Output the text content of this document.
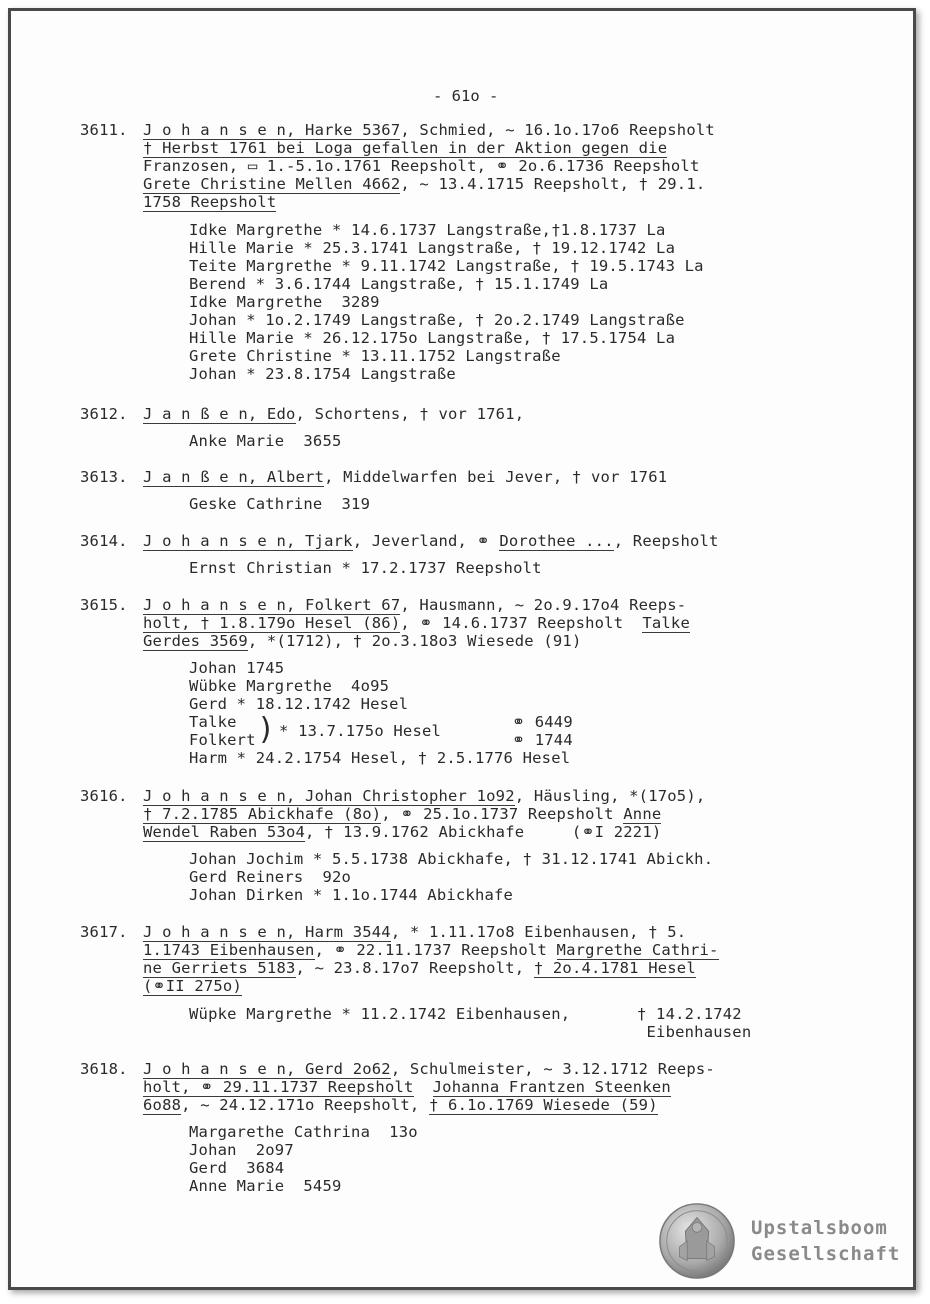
- 61o -
3611. J o h a n s e n, Harke 5367, Schmied, ~ 16.1o.17o6 Reepsholt
† Herbst 1761 bei Loga gefallen in der Aktion gegen die
Franzosen, ▭ 1.-5.1o.1761 Reepsholt, ⚭ 2o.6.1736 Reepsholt
Grete Christine Mellen 4662, ~ 13.4.1715 Reepsholt, † 29.1.
1758 Reepsholt
Idke Margrethe * 14.6.1737 Langstraße,†1.8.1737 La
Hille Marie * 25.3.1741 Langstraße, † 19.12.1742 La
Teite Margrethe * 9.11.1742 Langstraße, † 19.5.1743 La
Berend * 3.6.1744 Langstraße, † 15.1.1749 La
Idke Margrethe  3289
Johan * 1o.2.1749 Langstraße, † 2o.2.1749 Langstraße
Hille Marie * 26.12.175o Langstraße, † 17.5.1754 La
Grete Christine * 13.11.1752 Langstraße
Johan * 23.8.1754 Langstraße
3612. J a n ß e n, Edo, Schortens, † vor 1761,
Anke Marie  3655
3613. J a n ß e n, Albert, Middelwarfen bei Jever, † vor 1761
Geske Cathrine  319
3614. J o h a n s e n, Tjark, Jeverland, ⚭ Dorothee ..., Reepsholt
Ernst Christian * 17.2.1737 Reepsholt
3615. J o h a n s e n, Folkert 67, Hausmann, ~ 2o.9.17o4 Reeps-
holt, † 1.8.179o Hesel (86), ⚭ 14.6.1737 Reepsholt  Talke
Gerdes 3569, *(1712), † 2o.3.18o3 Wiesede (91)
Johan 1745
Wübke Margrethe  4o95
Gerd * 18.12.1742 Hesel
Talke
Folkert ) * 13.7.175o Hesel	⚭ 6449
⚭ 1744
Harm * 24.2.1754 Hesel, † 2.5.1776 Hesel
3616. J o h a n s e n, Johan Christopher 1o92, Häusling, *(17o5),
† 7.2.1785 Abickhafe (8o), ⚭ 25.1o.1737 Reepsholt Anne
Wendel Raben 53o4, † 13.9.1762 Abickhafe     (⚭I 2221)
Johan Jochim * 5.5.1738 Abickhafe, † 31.12.1741 Abickh.
Gerd Reiners  92o
Johan Dirken * 1.1o.1744 Abickhafe
3617. J o h a n s e n, Harm 3544, * 1.11.17o8 Eibenhausen, † 5.
1.1743 Eibenhausen, ⚭ 22.11.1737 Reepsholt Margrethe Cathri-
ne Gerriets 5183, ~ 23.8.17o7 Reepsholt, † 2o.4.1781 Hesel
(⚭II 275o)
Wüpke Margrethe * 11.2.1742 Eibenhausen,       † 14.2.1742
Eibenhausen
3618. J o h a n s e n, Gerd 2o62, Schulmeister, ~ 3.12.1712 Reeps-
holt, ⚭ 29.11.1737 Reepsholt Johanna Frantzen Steenken
6o88, ~ 24.12.171o Reepsholt, † 6.1o.1769 Wiesede (59)
Margarethe Cathrina  13o
Johan  2o97
Gerd  3684
Anne Marie  5459
Upstalsboom
Gesellschaft
